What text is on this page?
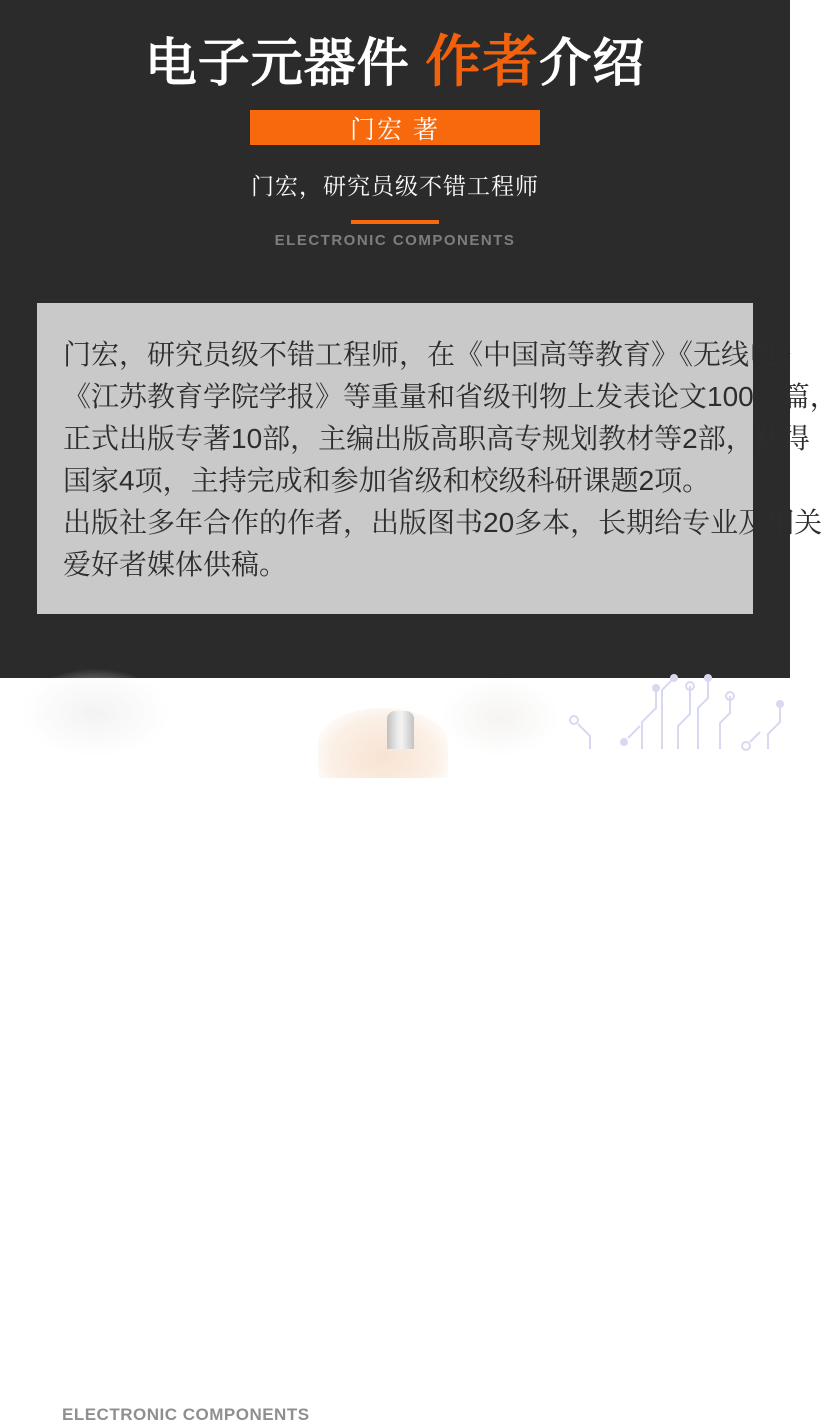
电子元器件 作者介绍
门宏 著
门宏，研究员级不错工程师
ELECTRONIC COMPONENTS
门宏，研究员级不错工程师，在《中国高等教育》《无线电》
《江苏教育学院学报》等重量和省级刊物上发表论文100多篇，
正式出版专著10部，主编出版高职高专规划教材等2部，获得
国家4项，主持完成和参加省级和校级科研课题2项。
出版社多年合作的作者，出版图书20多本，长期给专业及相关
爱好者媒体供稿。
ELECTRONIC COMPONENTS
